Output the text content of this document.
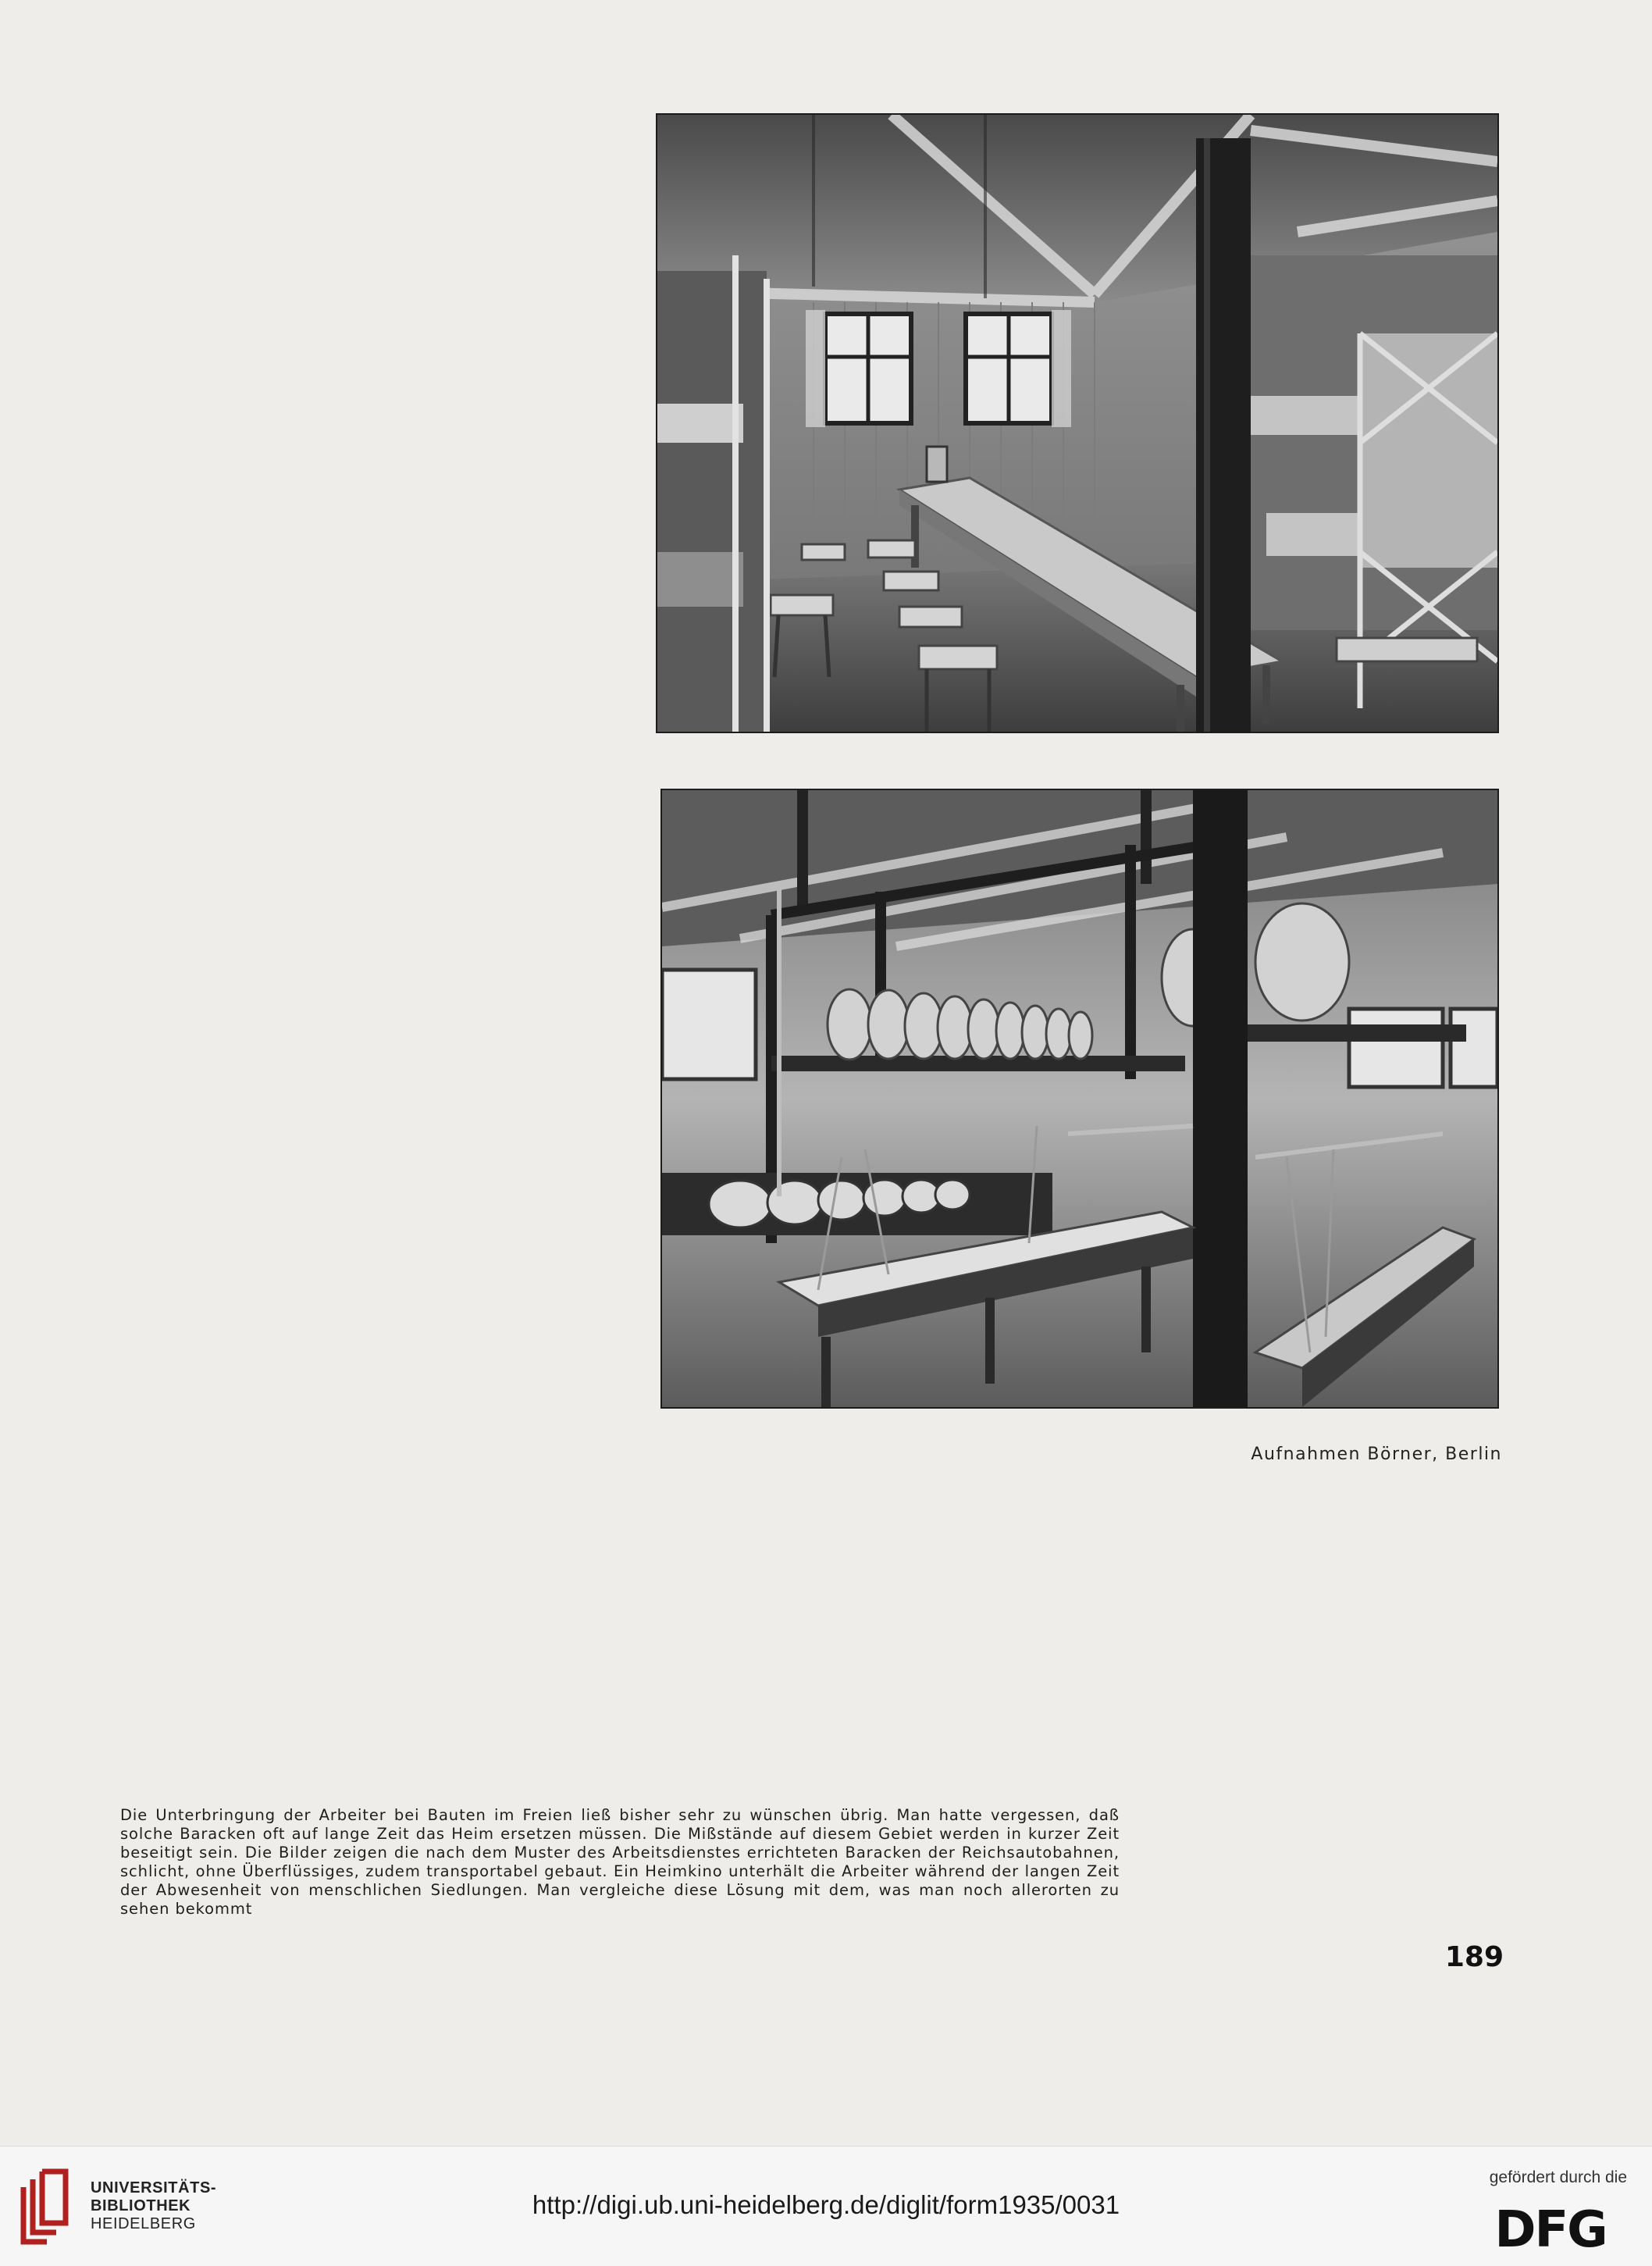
Aufnahmen Börner, Berlin

Die Unterbringung der Arbeiter bei Bauten im Freien ließ bisher sehr zu wünschen übrig. Man hatte vergessen, daß solche Baracken oft auf lange Zeit das Heim ersetzen müssen. Die Mißstände auf diesem Gebiet werden in kurzer Zeit beseitigt sein. Die Bilder zeigen die nach dem Muster des Arbeitsdienstes errichteten Baracken der Reichsautobahnen, schlicht, ohne Überflüssiges, zudem transportabel gebaut. Ein Heimkino unterhält die Arbeiter während der langen Zeit der Abwesenheit von menschlichen Siedlungen. Man vergleiche diese Lösung mit dem, was man noch allerorten zu sehen bekommt

189
UNIVERSITÄTS-
BIBLIOTHEK
HEIDELBERG
http://digi.ub.uni-heidelberg.de/diglit/form1935/0031
gefördert durch die
DFG
